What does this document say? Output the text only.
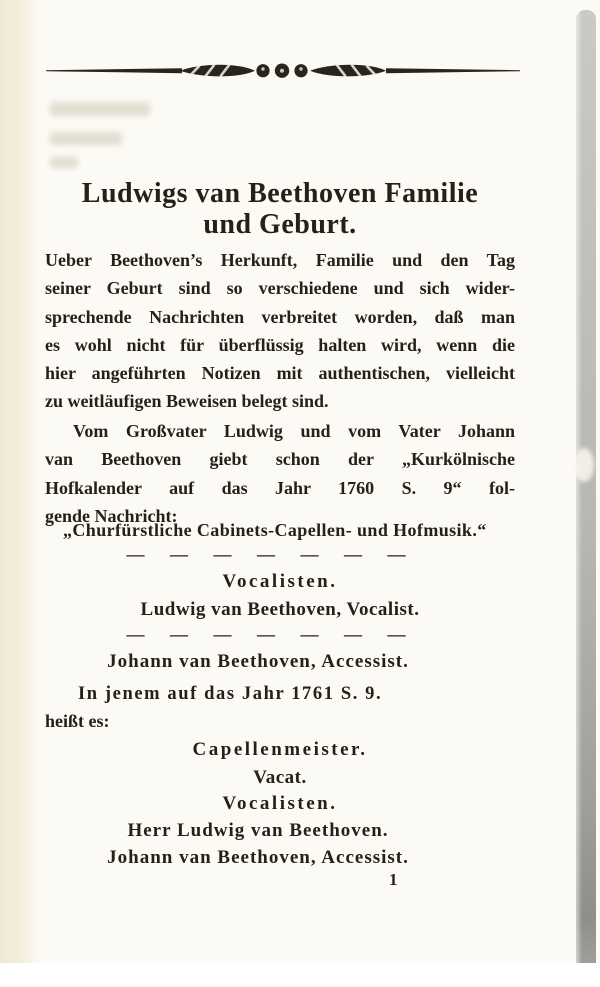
Ludwigs van Beethoven Familie
und Geburt.
Ueber Beethoven’s Herkunft, Familie und den Tag
seiner Geburt sind so verschiedene und sich wider-
sprechende Nachrichten verbreitet worden, daß man
es wohl nicht für überflüssig halten wird, wenn die
hier angeführten Notizen mit authentischen, vielleicht
zu weitläufigen Beweisen belegt sind.
Vom Großvater Ludwig und vom Vater Johann
van Beethoven giebt schon der „Kurkölnische
Hofkalender auf das Jahr 1760 S. 9“ fol-
gende Nachricht:
„Churfürstliche Cabinets-Capellen- und Hofmusik.“
— — — — — — —
Vocalisten.
Ludwig van Beethoven, Vocalist.
— — — — — — —
Johann van Beethoven, Accessist.
In jenem auf das Jahr 1761 S. 9.
heißt es:
Capellenmeister.
Vacat.
Vocalisten.
Herr Ludwig van Beethoven.
Johann van Beethoven, Accessist.
1
